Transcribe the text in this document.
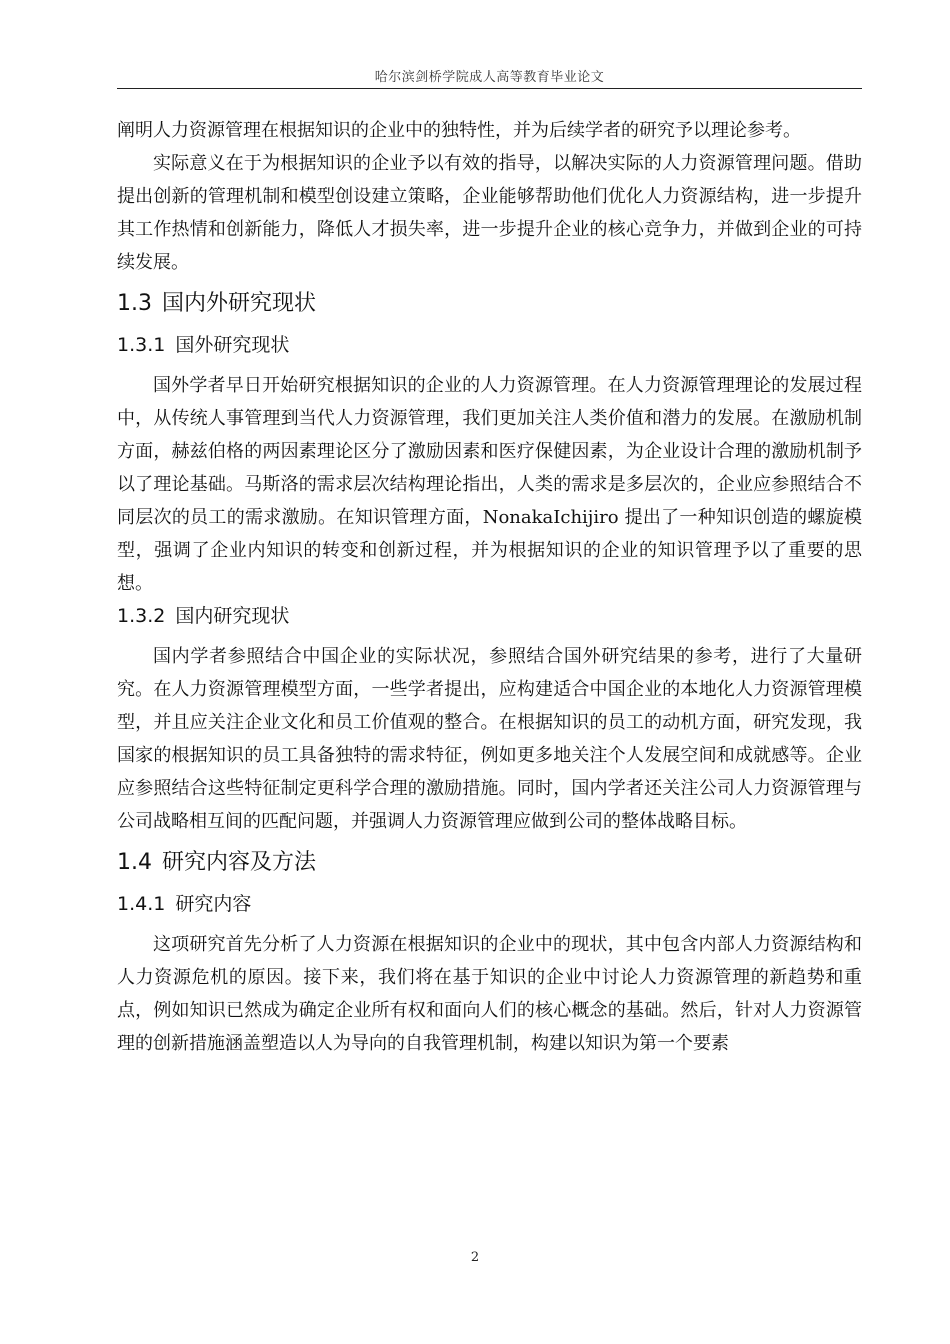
哈尔滨剑桥学院成人高等教育毕业论文

阐明人力资源管理在根据知识的企业中的独特性，并为后续学者的研究予以理论参考。

实际意义在于为根据知识的企业予以有效的指导，以解决实际的人力资源管理问题。借助提出创新的管理机制和模型创设建立策略，企业能够帮助他们优化人力资源结构，进一步提升其工作热情和创新能力，降低人才损失率，进一步提升企业的核心竞争力，并做到企业的可持续发展。

1.3 国内外研究现状
1.3.1 国外研究现状

国外学者早日开始研究根据知识的企业的人力资源管理。在人力资源管理理论的发展过程中，从传统人事管理到当代人力资源管理，我们更加关注人类价值和潜力的发展。在激励机制方面，赫兹伯格的两因素理论区分了激励因素和医疗保健因素，为企业设计合理的激励机制予以了理论基础。马斯洛的需求层次结构理论指出，人类的需求是多层次的，企业应参照结合不同层次的员工的需求激励。在知识管理方面，NonakaIchijiro 提出了一种知识创造的螺旋模型，强调了企业内知识的转变和创新过程，并为根据知识的企业的知识管理予以了重要的思想。

1.3.2 国内研究现状

国内学者参照结合中国企业的实际状况，参照结合国外研究结果的参考，进行了大量研究。在人力资源管理模型方面，一些学者提出，应构建适合中国企业的本地化人力资源管理模型，并且应关注企业文化和员工价值观的整合。在根据知识的员工的动机方面，研究发现，我国家的根据知识的员工具备独特的需求特征，例如更多地关注个人发展空间和成就感等。企业应参照结合这些特征制定更科学合理的激励措施。同时，国内学者还关注公司人力资源管理与公司战略相互间的匹配问题，并强调人力资源管理应做到公司的整体战略目标。

1.4 研究内容及方法
1.4.1 研究内容

这项研究首先分析了人力资源在根据知识的企业中的现状，其中包含内部人力资源结构和人力资源危机的原因。接下来，我们将在基于知识的企业中讨论人力资源管理的新趋势和重点，例如知识已然成为确定企业所有权和面向人们的核心概念的基础。然后，针对人力资源管理的创新措施涵盖塑造以人为导向的自我管理机制，构建以知识为第一个要素

2
